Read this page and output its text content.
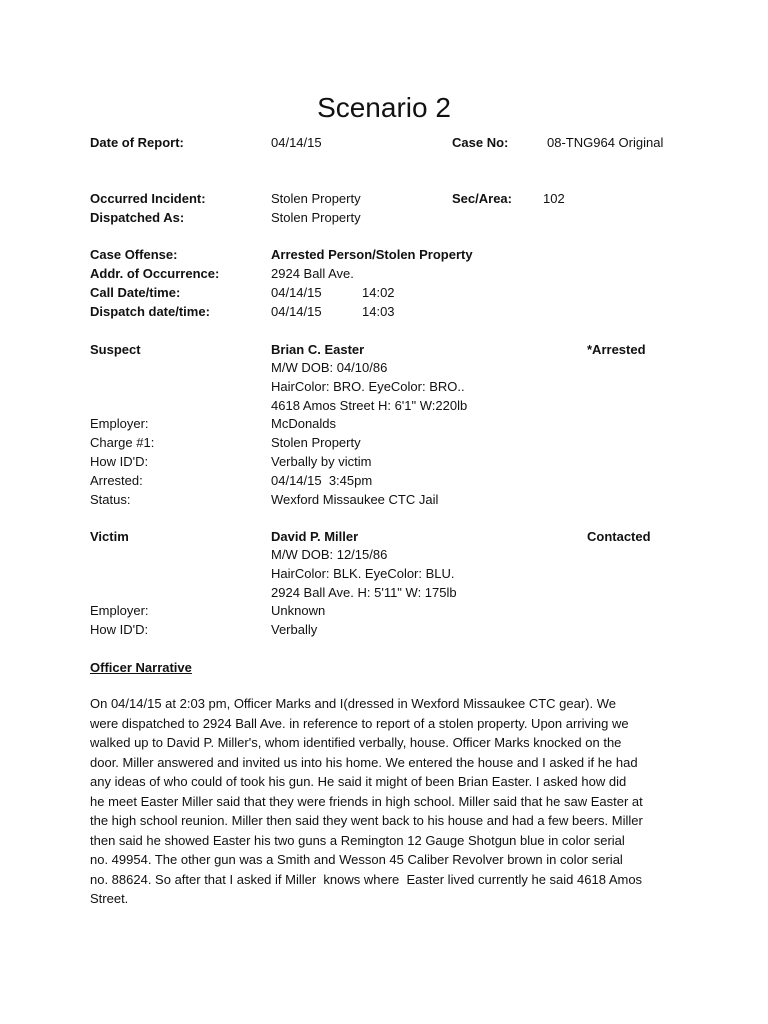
Scenario 2
Date of Report:	04/14/15	Case No:	08-TNG964 Original
Occurred Incident:	Stolen Property	Sec/Area: 102
Dispatched As:	Stolen Property
Case Offense:	Arrested Person/Stolen Property
Addr. of Occurrence:	2924 Ball Ave.
Call Date/time:	04/14/15	14:02
Dispatch date/time:	04/14/15	14:03
Suspect	Brian C. Easter	*Arrested
M/W DOB: 04/10/86
HairColor: BRO. EyeColor: BRO..
4618 Amos Street H: 6'1" W:220lb
Employer:	McDonalds
Charge #1:	Stolen Property
How ID'D:	Verbally by victim
Arrested:	04/14/15  3:45pm
Status:	Wexford Missaukee CTC Jail
Victim	David P. Miller	Contacted
M/W DOB: 12/15/86
HairColor: BLK. EyeColor: BLU.
2924 Ball Ave. H: 5'11" W: 175lb
Employer:	Unknown
How ID'D:	Verbally
Officer Narrative
On 04/14/15 at 2:03 pm, Officer Marks and I(dressed in Wexford Missaukee CTC gear). We
were dispatched to 2924 Ball Ave. in reference to report of a stolen property. Upon arriving we
walked up to David P. Miller's, whom identified verbally, house. Officer Marks knocked on the
door. Miller answered and invited us into his home. We entered the house and I asked if he had
any ideas of who could of took his gun. He said it might of been Brian Easter. I asked how did
he meet Easter Miller said that they were friends in high school. Miller said that he saw Easter at
the high school reunion. Miller then said they went back to his house and had a few beers. Miller
then said he showed Easter his two guns a Remington 12 Gauge Shotgun blue in color serial
no. 49954. The other gun was a Smith and Wesson 45 Caliber Revolver brown in color serial
no. 88624. So after that I asked if Miller  knows where  Easter lived currently he said 4618 Amos
Street.
